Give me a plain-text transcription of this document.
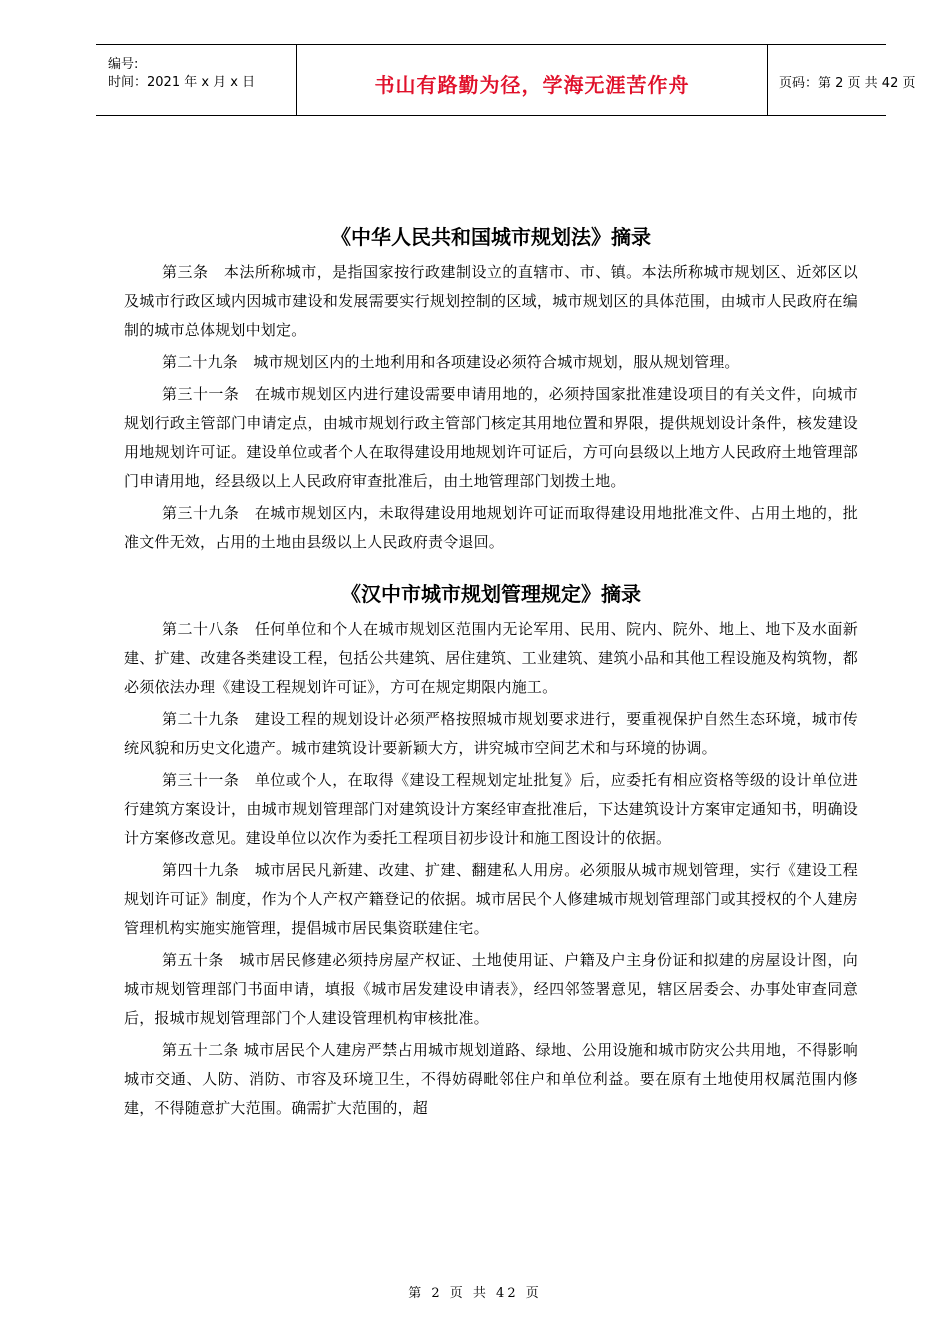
编号:
时间：2021 年 x 月 x 日	书山有路勤为径，学海无涯苦作舟	页码：第 2 页 共 42 页
《中华人民共和国城市规划法》摘录

第三条　本法所称城市，是指国家按行政建制设立的直辖市、市、镇。本法所称城市规划区、近郊区以及城市行政区域内因城市建设和发展需要实行规划控制的区域，城市规划区的具体范围，由城市人民政府在编制的城市总体规划中划定。

第二十九条　城市规划区内的土地利用和各项建设必须符合城市规划，服从规划管理。

第三十一条　在城市规划区内进行建设需要申请用地的，必须持国家批准建设项目的有关文件，向城市规划行政主管部门申请定点，由城市规划行政主管部门核定其用地位置和界限，提供规划设计条件，核发建设用地规划许可证。建设单位或者个人在取得建设用地规划许可证后，方可向县级以上地方人民政府土地管理部门申请用地，经县级以上人民政府审查批准后，由土地管理部门划拨土地。

第三十九条　在城市规划区内，未取得建设用地规划许可证而取得建设用地批准文件、占用土地的，批准文件无效，占用的土地由县级以上人民政府责令退回。

《汉中市城市规划管理规定》摘录

第二十八条　任何单位和个人在城市规划区范围内无论军用、民用、院内、院外、地上、地下及水面新建、扩建、改建各类建设工程，包括公共建筑、居住建筑、工业建筑、建筑小品和其他工程设施及构筑物，都必须依法办理《建设工程规划许可证》，方可在规定期限内施工。

第二十九条　建设工程的规划设计必须严格按照城市规划要求进行，要重视保护自然生态环境，城市传统风貌和历史文化遗产。城市建筑设计要新颖大方，讲究城市空间艺术和与环境的协调。

第三十一条　单位或个人，在取得《建设工程规划定址批复》后，应委托有相应资格等级的设计单位进行建筑方案设计，由城市规划管理部门对建筑设计方案经审查批准后，下达建筑设计方案审定通知书，明确设计方案修改意见。建设单位以次作为委托工程项目初步设计和施工图设计的依据。

第四十九条　城市居民凡新建、改建、扩建、翻建私人用房。必须服从城市规划管理，实行《建设工程规划许可证》制度，作为个人产权产籍登记的依据。城市居民个人修建城市规划管理部门或其授权的个人建房管理机构实施实施管理，提倡城市居民集资联建住宅。

第五十条　城市居民修建必须持房屋产权证、土地使用证、户籍及户主身份证和拟建的房屋设计图，向城市规划管理部门书面申请，填报《城市居发建设申请表》，经四邻签署意见，辖区居委会、办事处审查同意后，报城市规划管理部门个人建设管理机构审核批准。

第五十二条 城市居民个人建房严禁占用城市规划道路、绿地、公用设施和城市防灾公共用地，不得影响城市交通、人防、消防、市容及环境卫生，不得妨碍毗邻住户和单位利益。要在原有土地使用权属范围内修建，不得随意扩大范围。确需扩大范围的，超

第 2 页 共 42 页
